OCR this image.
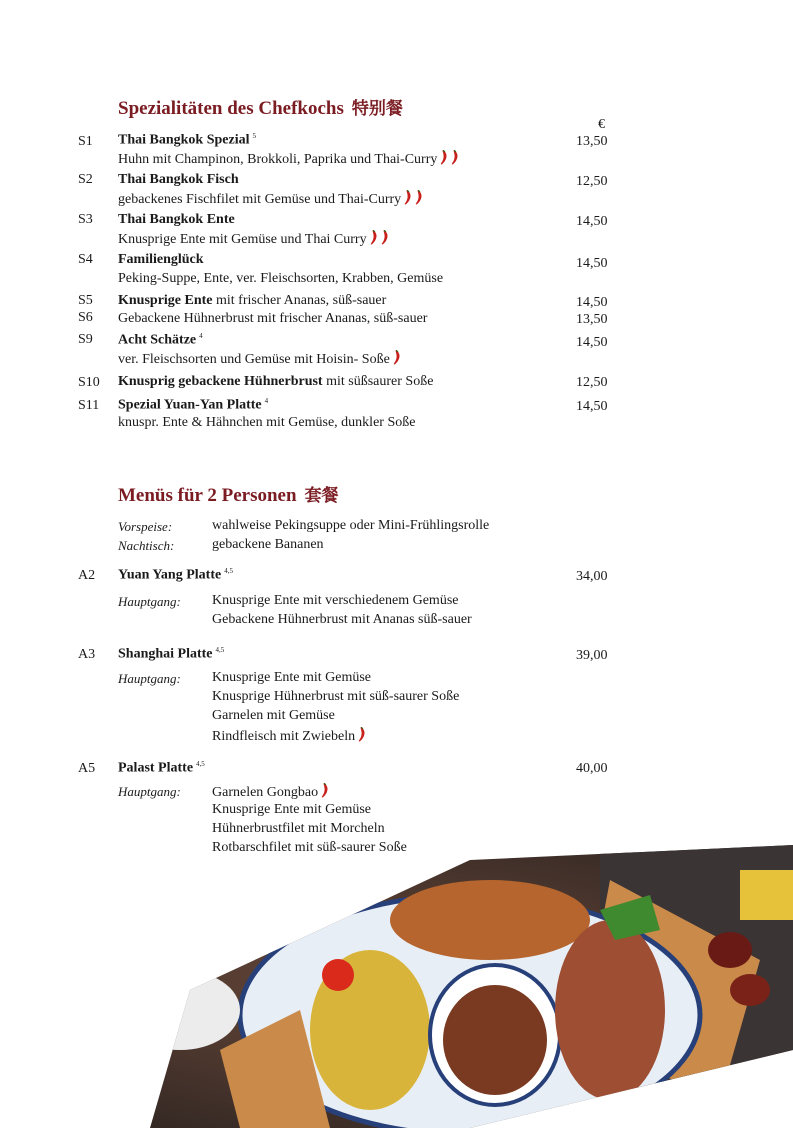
Spezialitäten des Chefkochs 特别餐
€
S1 Thai Bangkok Spezial $^5$
Huhn mit Champinon, Brokkoli, Paprika und Thai-Curry
13,50
S2 Thai Bangkok Fisch
gebackenes Fischfilet mit Gemüse und Thai-Curry
12,50
S3 Thai Bangkok Ente
Knusprige Ente mit Gemüse und Thai Curry
14,50
S4 Familienglück
Peking-Suppe, Ente, ver. Fleischsorten, Krabben, Gemüse
14,50
S5 Knusprige Ente mit frischer Ananas, süß-sauer	14,50
S6 Gebackene Hühnerbrust mit frischer Ananas, süß-sauer	13,50
S9 Acht Schätze $^4$
ver. Fleischsorten und Gemüse mit Hoisin- Soße
14,50
S10 Knusprig gebackene Hühnerbrust mit süßsaurer Soße	12,50
S11 Spezial Yuan-Yan Platte $^4$
knuspr. Ente & Hähnchen mit Gemüse, dunkler Soße
14,50
Menüs für 2 Personen 套餐
Vorspeise:	wahlweise Pekingsuppe oder Mini-Frühlingsrolle
Nachtisch:	gebackene Bananen
A2 Yuan Yang Platte $^{4,5}$	34,00
Hauptgang: Knusprige Ente mit verschiedenem Gemüse
Gebackene Hühnerbrust mit Ananas süß-sauer
A3 Shanghai Platte $^{4,5}$	39,00
Hauptgang: Knusprige Ente mit Gemüse
Knusprige Hühnerbrust mit süß-saurer Soße
Garnelen mit Gemüse
Rindfleisch mit Zwiebeln
A5 Palast Platte $^{4,5}$	40,00
Hauptgang: Garnelen Gongbao
Knusprige Ente mit Gemüse
Hühnerbrustfilet mit Morcheln
Rotbarschfilet mit süß-saurer Soße
